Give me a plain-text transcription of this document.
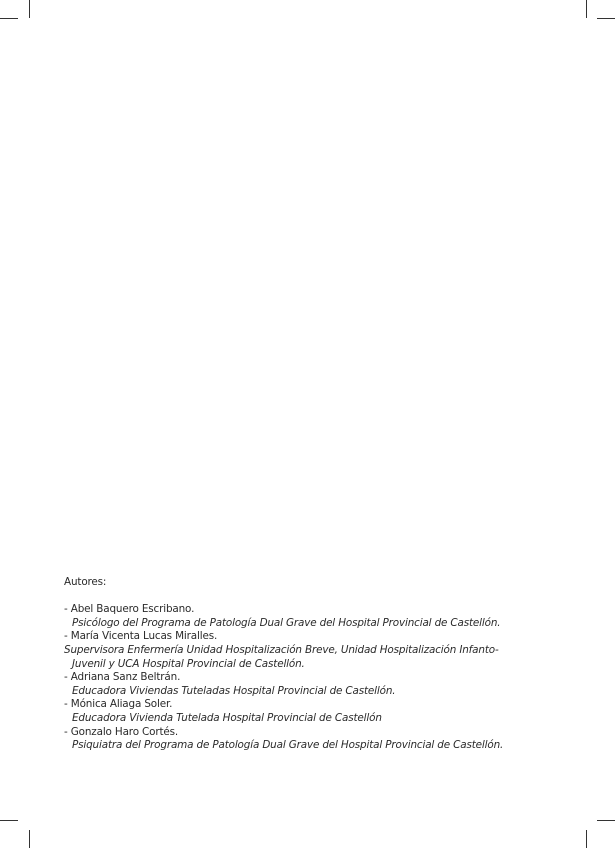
Autores:
- Abel Baquero Escribano.
Psicólogo del Programa de Patología Dual Grave del Hospital Provincial de Castellón.
- María Vicenta Lucas Miralles.
Supervisora Enfermería Unidad Hospitalización Breve, Unidad Hospitalización Infanto-
Juvenil y UCA Hospital Provincial de Castellón.
- Adriana Sanz Beltrán.
Educadora Viviendas Tuteladas Hospital Provincial de Castellón.
- Mónica Aliaga Soler.
Educadora Vivienda Tutelada Hospital Provincial de Castellón
- Gonzalo Haro Cortés.
Psiquiatra del Programa de Patología Dual Grave del Hospital Provincial de Castellón.
